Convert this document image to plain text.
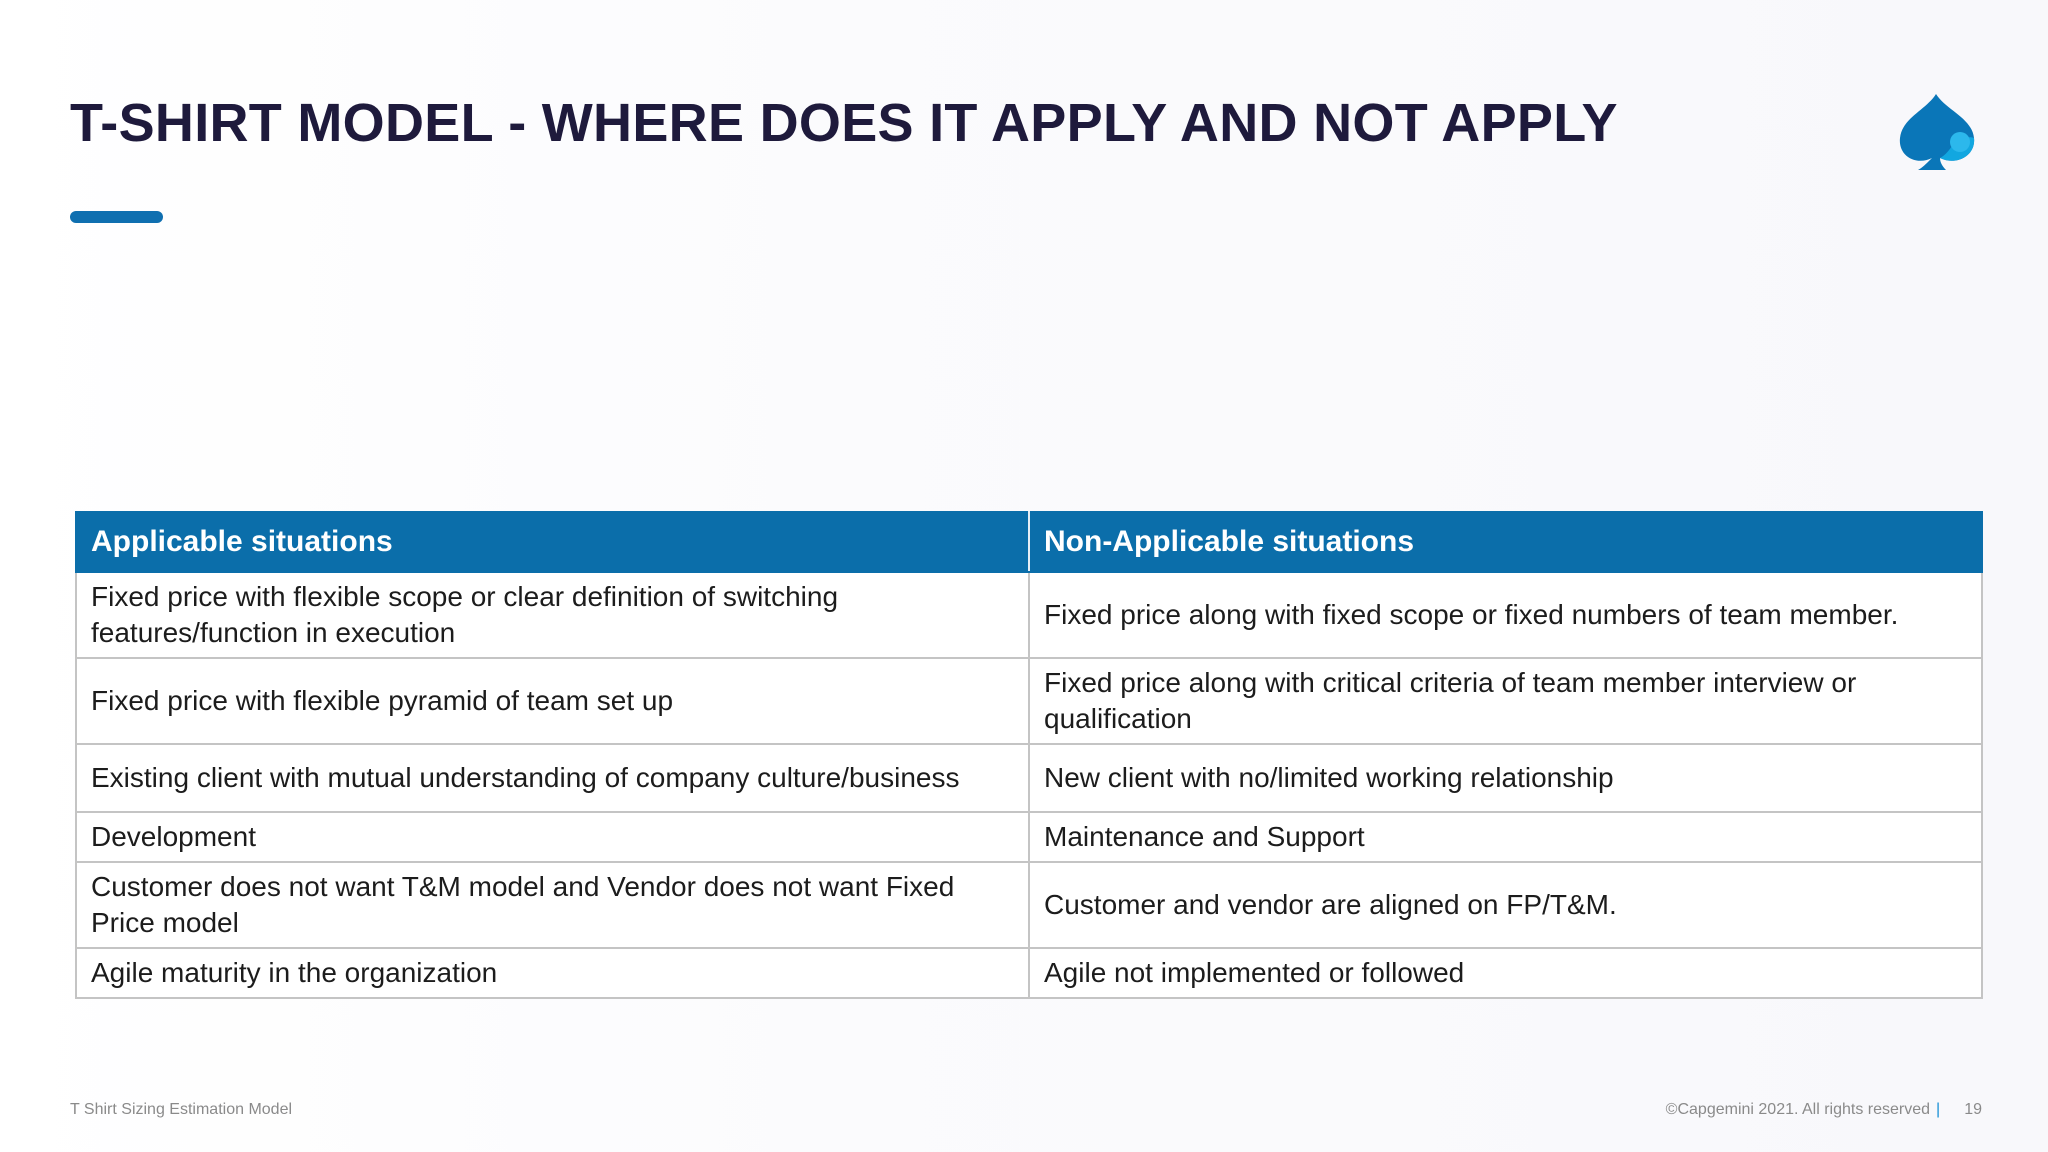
T-SHIRT MODEL - WHERE DOES IT APPLY AND NOT APPLY
Applicable situations	Non-Applicable situations
Fixed price with flexible scope or clear definition of switching features/function in execution	Fixed price along with fixed scope or fixed numbers of team member.
Fixed price with flexible pyramid of team set up	Fixed price along with critical criteria of team member interview or qualification
Existing client with mutual understanding of company culture/business	New client with no/limited working relationship
Development	Maintenance and Support
Customer does not want T&M model and Vendor does not want Fixed Price model	Customer and vendor are aligned on FP/T&M.
Agile maturity in the organization	Agile not implemented or followed
T Shirt Sizing Estimation Model	©Capgemini 2021. All rights reserved | 19
